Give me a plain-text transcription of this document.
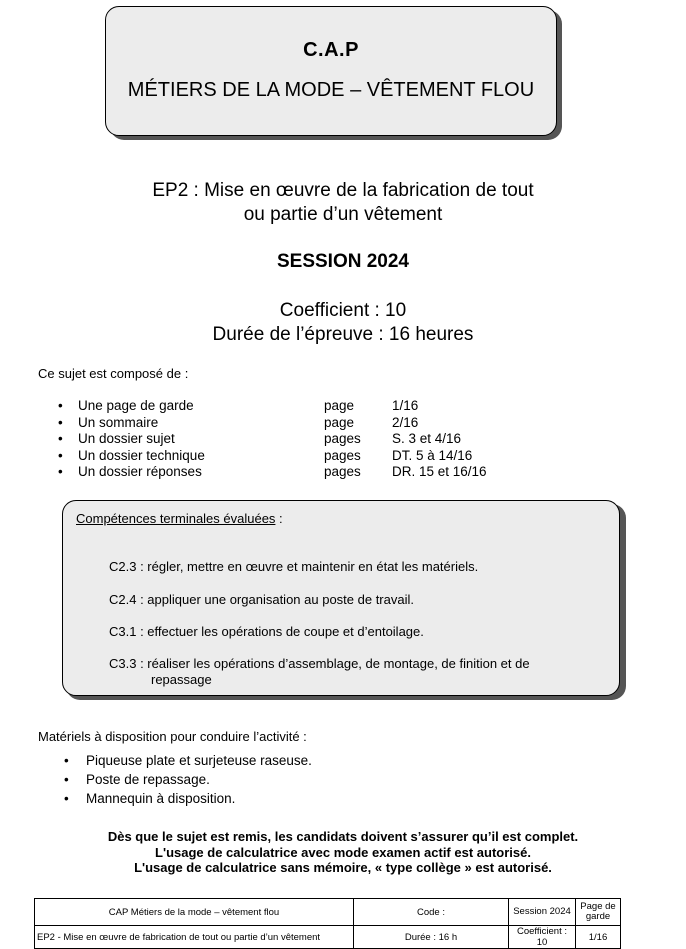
C.A.P
MÉTIERS DE LA MODE – VÊTEMENT FLOU
EP2 : Mise en œuvre de la fabrication de tout
ou partie d’un vêtement
SESSION 2024
Coefficient : 10
Durée de l’épreuve : 16 heures
Ce sujet est composé de :
• Une page de garde	page	1/16
• Un sommaire	page	2/16
• Un dossier sujet	pages S. 3 et 4/16
• Un dossier technique	pages DT. 5 à 14/16
• Un dossier réponses	pages DR. 15 et 16/16
Compétences terminales évaluées :
C2.3 : régler, mettre en œuvre et maintenir en état les matériels.
C2.4 : appliquer une organisation au poste de travail.
C3.1 : effectuer les opérations de coupe et d’entoilage.
C3.3 : réaliser les opérations d’assemblage, de montage, de finition et de
repassage
Matériels à disposition pour conduire l’activité :
• Piqueuse plate et surjeteuse raseuse.
• Poste de repassage.
• Mannequin à disposition.
Dès que le sujet est remis, les candidats doivent s’assurer qu’il est complet.
L'usage de calculatrice avec mode examen actif est autorisé.
L'usage de calculatrice sans mémoire, « type collège » est autorisé.
CAP Métiers de la mode – vêtement flou	Code :	Session 2024	Page de garde
EP2 - Mise en œuvre de fabrication de tout ou partie d’un vêtement	Durée : 16 h	Coefficient : 10	1/16
